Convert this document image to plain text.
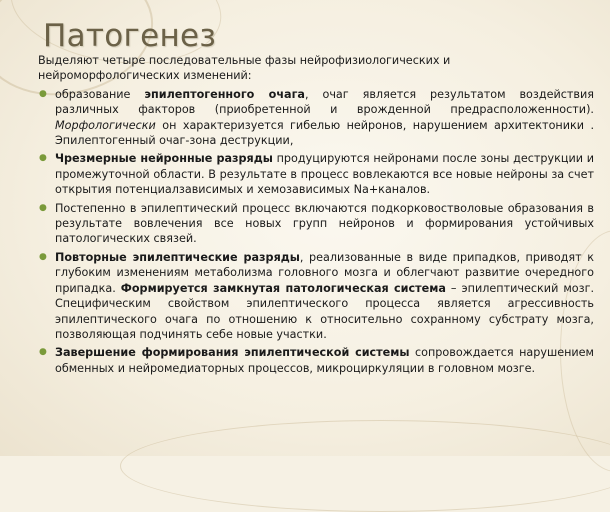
Патогенез

Выделяют четыре последовательные фазы нейрофизиологических и нейроморфологических изменений:

● образование эпилептогенного очага, очаг является результатом воздействия различных факторов (приобретенной и врожденной предрасположенности). Морфологически он характеризуется гибелью нейронов, нарушением архитектоники . Эпилептогенный очаг-зона деструкции,

● Чрезмерные нейронные разряды продуцируются нейронами после зоны деструкции и промежуточной области. В результате в процесс вовлекаются все новые нейроны за счет открытия потенциалзависимых и хемозависимых Na+каналов.

● Постепенно в эпилептический процесс включаются подкорковостволовые образования в результате вовлечения все новых групп нейронов и формирования устойчивых патологических связей.

● Повторные эпилептические разряды, реализованные в виде припадков, приводят к глубоким изменениям метаболизма головного мозга и облегчают развитие очередного припадка. Формируется замкнутая патологическая система – эпилептический мозг. Специфическим свойством эпилептического процесса является агрессивность эпилептического очага по отношению к относительно сохранному субстрату мозга, позволяющая подчинять себе новые участки.

● Завершение формирования эпилептической системы сопровождается нарушением обменных и нейромедиаторных процессов, микроциркуляции в головном мозге.
